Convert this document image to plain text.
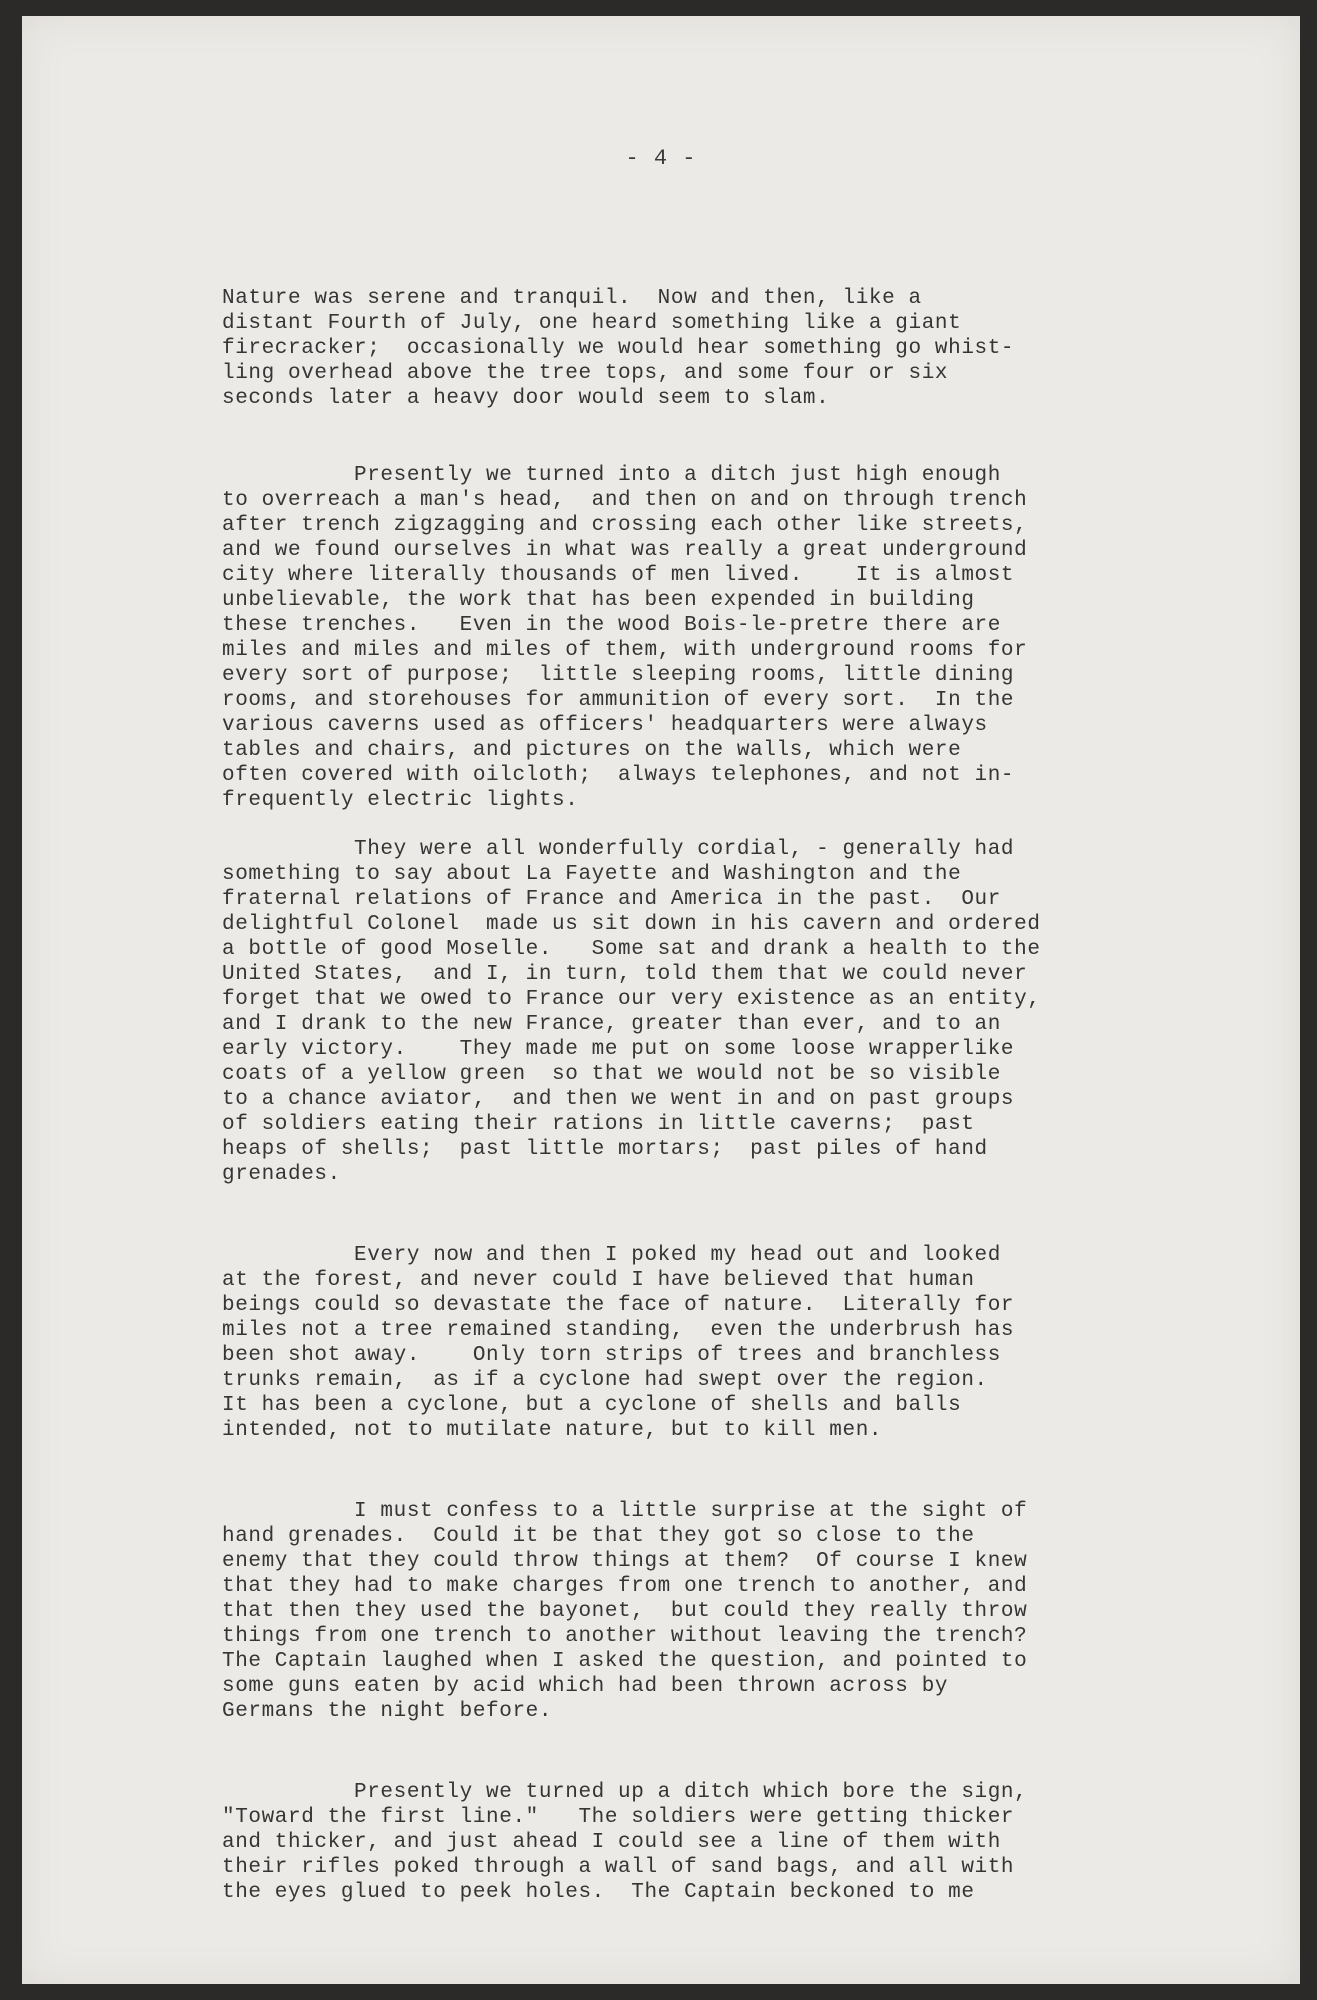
- 4 -
Nature was serene and tranquil.  Now and then, like a
distant Fourth of July, one heard something like a giant
firecracker;  occasionally we would hear something go whist-
ling overhead above the tree tops, and some four or six
seconds later a heavy door would seem to slam.
Presently we turned into a ditch just high enough
to overreach a man's head,  and then on and on through trench
after trench zigzagging and crossing each other like streets,
and we found ourselves in what was really a great underground
city where literally thousands of men lived.    It is almost
unbelievable, the work that has been expended in building
these trenches.   Even in the wood Bois-le-pretre there are
miles and miles and miles of them, with underground rooms for
every sort of purpose;  little sleeping rooms, little dining
rooms, and storehouses for ammunition of every sort.  In the
various caverns used as officers' headquarters were always
tables and chairs, and pictures on the walls, which were
often covered with oilcloth;  always telephones, and not in-
frequently electric lights.
They were all wonderfully cordial, - generally had
something to say about La Fayette and Washington and the
fraternal relations of France and America in the past.  Our
delightful Colonel  made us sit down in his cavern and ordered
a bottle of good Moselle.   Some sat and drank a health to the
United States,  and I, in turn, told them that we could never
forget that we owed to France our very existence as an entity,
and I drank to the new France, greater than ever, and to an
early victory.    They made me put on some loose wrapperlike
coats of a yellow green  so that we would not be so visible
to a chance aviator,  and then we went in and on past groups
of soldiers eating their rations in little caverns;  past
heaps of shells;  past little mortars;  past piles of hand
grenades.
Every now and then I poked my head out and looked
at the forest, and never could I have believed that human
beings could so devastate the face of nature.  Literally for
miles not a tree remained standing,  even the underbrush has
been shot away.    Only torn strips of trees and branchless
trunks remain,  as if a cyclone had swept over the region.
It has been a cyclone, but a cyclone of shells and balls
intended, not to mutilate nature, but to kill men.
I must confess to a little surprise at the sight of
hand grenades.  Could it be that they got so close to the
enemy that they could throw things at them?  Of course I knew
that they had to make charges from one trench to another, and
that then they used the bayonet,  but could they really throw
things from one trench to another without leaving the trench?
The Captain laughed when I asked the question, and pointed to
some guns eaten by acid which had been thrown across by
Germans the night before.
Presently we turned up a ditch which bore the sign,
"Toward the first line."   The soldiers were getting thicker
and thicker, and just ahead I could see a line of them with
their rifles poked through a wall of sand bags, and all with
the eyes glued to peek holes.  The Captain beckoned to me
